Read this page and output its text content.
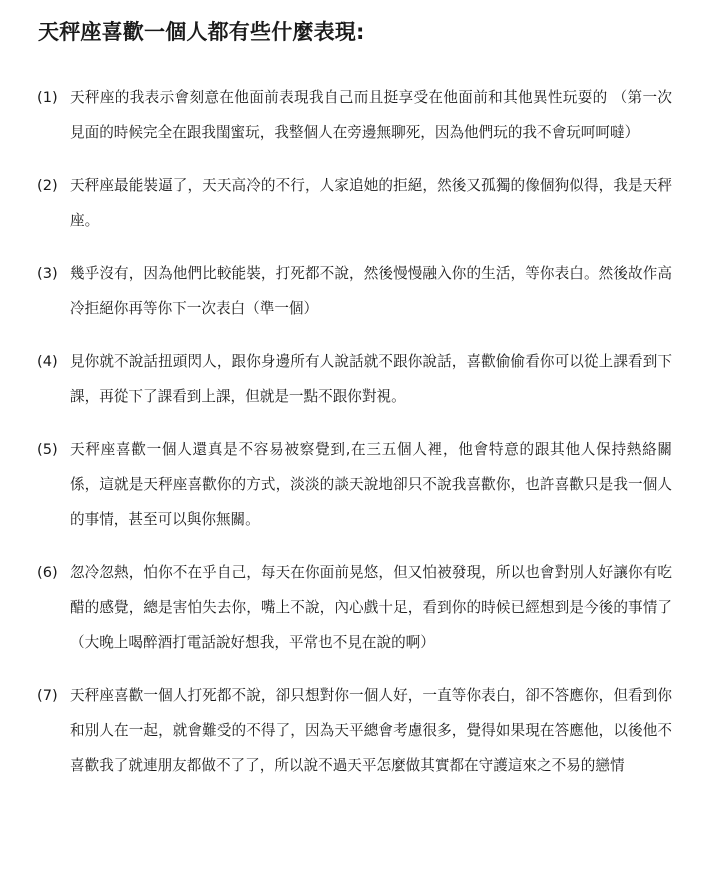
天秤座喜歡一個人都有些什麼表現:
(1) 天秤座的我表示會刻意在他面前表現我自己而且挺享受在他面前和其他異性玩耍的 （第一次見面的時候完全在跟我閨蜜玩，我整個人在旁邊無聊死，因為他們玩的我不會玩呵呵噠）
(2) 天秤座最能裝逼了，天天高冷的不行，人家追她的拒絕，然後又孤獨的像個狗似得，我是天秤座。
(3) 幾乎沒有，因為他們比較能裝，打死都不說，然後慢慢融入你的生活，等你表白。然後故作高冷拒絕你再等你下一次表白（準一個）
(4) 見你就不說話扭頭閃人，跟你身邊所有人說話就不跟你說話，喜歡偷偷看你可以從上課看到下課，再從下了課看到上課，但就是一點不跟你對視。
(5) 天秤座喜歡一個人還真是不容易被察覺到,在三五個人裡，他會特意的跟其他人保持熱絡關係，這就是天秤座喜歡你的方式，淡淡的談天說地卻只不說我喜歡你，也許喜歡只是我一個人的事情，甚至可以與你無關。
(6) 忽冷忽熱，怕你不在乎自己，每天在你面前晃悠，但又怕被發現，所以也會對別人好讓你有吃醋的感覺，總是害怕失去你，嘴上不說，內心戲十足，看到你的時候已經想到是今後的事情了（大晚上喝醉酒打電話說好想我，平常也不見在說的啊）
(7) 天秤座喜歡一個人打死都不說，卻只想對你一個人好，一直等你表白，卻不答應你，但看到你和別人在一起，就會難受的不得了，因為天平總會考慮很多，覺得如果現在答應他，以後他不喜歡我了就連朋友都做不了了，所以說不過天平怎麼做其實都在守護這來之不易的戀情
